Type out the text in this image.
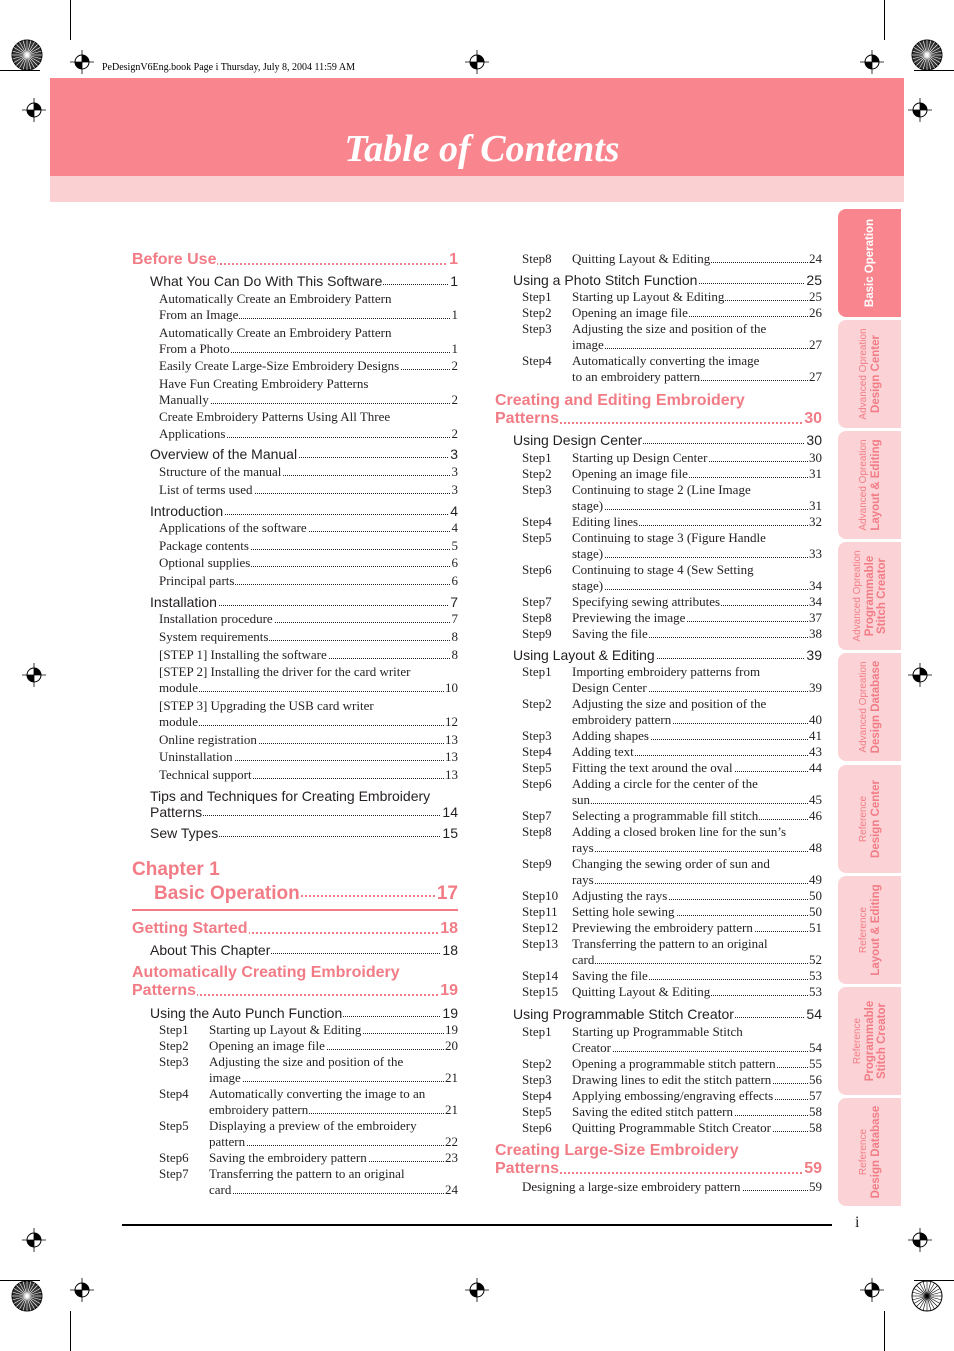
PeDesignV6Eng.book Page i Thursday, July 8, 2004 11:59 AM
Table of Contents
Basic Operation
Advanced Opreation Design Center
Advanced Opreation Layout & Editing
Advanced Opreation Programmable Stitch Creator
Advanced Opreation Design Database
Reference Design Center
Reference Layout & Editing
Reference Programmable Stitch Creator
Reference Design Database
Before Use	1
What You Can Do With This Software	1
Automatically Create an Embroidery Pattern
From an Image	1
Automatically Create an Embroidery Pattern
From a Photo	1
Easily Create Large-Size Embroidery Designs	2
Have Fun Creating Embroidery Patterns
Manually	2
Create Embroidery Patterns Using All Three
Applications	2
Overview of the Manual	3
Structure of the manual	3
List of terms used	3
Introduction	4
Applications of the software	4
Package contents	5
Optional supplies	6
Principal parts	6
Installation	7
Installation procedure	7
System requirements	8
[STEP 1] Installing the software	8
[STEP 2] Installing the driver for the card writer
module	10
[STEP 3] Upgrading the USB card writer
module	12
Online registration	13
Uninstallation	13
Technical support	13
Tips and Techniques for Creating Embroidery
Patterns	14
Sew Types	15
Chapter 1
Basic Operation	17
Getting Started	18
About This Chapter	18
Automatically Creating Embroidery
Patterns	19
Using the Auto Punch Function	19
Step1 Starting up Layout & Editing	19
Step2 Opening an image file	20
Step3 Adjusting the size and position of the
image	21
Step4 Automatically converting the image to an
embroidery pattern	21
Step5 Displaying a preview of the embroidery
pattern	22
Step6 Saving the embroidery pattern	23
Step7 Transferring the pattern to an original
card	24
Step8 Quitting Layout & Editing	24
Using a Photo Stitch Function	25
Step1 Starting up Layout & Editing	25
Step2 Opening an image file	26
Step3 Adjusting the size and position of the
image	27
Step4 Automatically converting the image
to an embroidery pattern	27
Creating and Editing Embroidery
Patterns	30
Using Design Center	30
Step1 Starting up Design Center	30
Step2 Opening an image file	31
Step3 Continuing to stage 2 (Line Image
stage)	31
Step4 Editing lines	32
Step5 Continuing to stage 3 (Figure Handle
stage)	33
Step6 Continuing to stage 4 (Sew Setting
stage)	34
Step7 Specifying sewing attributes	34
Step8 Previewing the image	37
Step9 Saving the file	38
Using Layout & Editing	39
Step1 Importing embroidery patterns from
Design Center	39
Step2 Adjusting the size and position of the
embroidery pattern	40
Step3 Adding shapes	41
Step4 Adding text	43
Step5 Fitting the text around the oval	44
Step6 Adding a circle for the center of the
sun	45
Step7 Selecting a programmable fill stitch	46
Step8 Adding a closed broken line for the sun’s
rays	48
Step9 Changing the sewing order of sun and
rays	49
Step10 Adjusting the rays	50
Step11 Setting hole sewing	50
Step12 Previewing the embroidery pattern	51
Step13 Transferring the pattern to an original
card	52
Step14 Saving the file	53
Step15 Quitting Layout & Editing	53
Using Programmable Stitch Creator	54
Step1 Starting up Programmable Stitch
Creator	54
Step2 Opening a programmable stitch pattern	55
Step3 Drawing lines to edit the stitch pattern	56
Step4 Applying embossing/engraving effects	57
Step5 Saving the edited stitch pattern	58
Step6 Quitting Programmable Stitch Creator	58
Creating Large-Size Embroidery
Patterns	59
Designing a large-size embroidery pattern	59
i
